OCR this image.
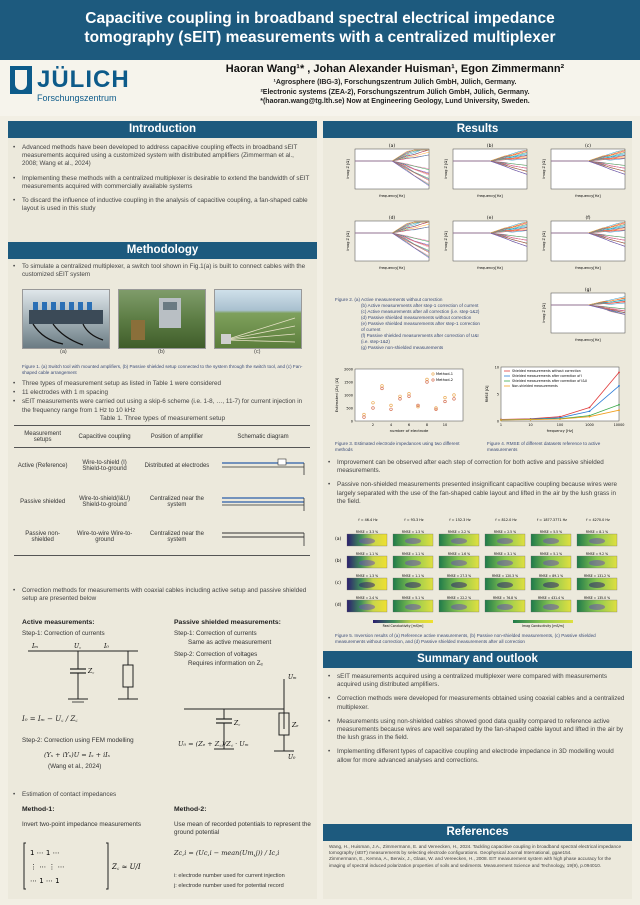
Capacitive coupling in broadband spectral electrical impedance
tomography (sEIT) measurements with a centralized multiplexer
JÜLICH
Forschungszentrum
Haoran Wang¹* , Johan Alexander Huisman¹, Egon Zimmermann²
¹Agrosphere (IBG-3), Forschungszentrum Jülich GmbH, Jülich, Germany.
²Electronic systems (ZEA-2), Forschungszentrum Jülich GmbH, Jülich, Germany.
*(haoran.wang@tg.lth.se) Now at Engineering Geology, Lund University, Sweden.
Introduction
• Advanced methods have been developed to address capacitive coupling effects in broadband sEIT measurements acquired using a customized system with distributed amplifiers (Zimmerman et al., 2008; Wang et al., 2024)
• Implementing these methods with a centralized multiplexer is desirable to extend the bandwidth of sEIT measurements acquired with commercially available systems
• To discard the influence of inductive coupling in the analysis of capacitive coupling, a fan-shaped cable layout is used in this study
Methodology
• To simulate a centralized multiplexer, a switch tool shown in Fig.1(a) is built to connect cables with the customized sEIT system
(a)	(b)	(c)
Figure 1. (a) Switch tool with mounted amplifiers, (b) Passive shielded setup connected to the system through the switch tool, and (c) Fan-shaped cable arrangement
• Three types of measurement setup as listed in Table 1 were considered
• 11 electrodes with 1 m spacing
• sEIT measurements were carried out using a skip-6 scheme (i.e. 1-8, …, 11-7) for current injection in the frequency range from 1 Hz to 10 kHz
Table 1. Three types of measurement setup
Measurement setups	Capacitive coupling	Position of amplifier	Schematic diagram
Active (Reference)	Wire-to-shield (I) Shield-to-ground	Distributed at electrodes	
Passive shielded	Wire-to-shield(I&U) Shield-to-ground	Centralized near the system	
Passive non-shielded	Wire-to-wire Wire-to-ground	Centralized near the system	
• Correction methods for measurements with coaxial cables including active setup and passive shielded setup are presented below
Active measurements:
Step-1: Correction of currents
Iₘ	U꜀	I₀
Z꜀
I₀ = Iₘ − U꜀ / Z꜀
Step-2: Correction using FEM modelling
(Yₛ + iYₛ)U = Iₛ + iIₛ
(Wang et al., 2024)
Passive shielded measurements:
Step-1: Correction of currents
Same as active measurement
Step-2: Correction of voltages
Requires information on Zₑ
Uₘ
Z꜀	Zₑ
U₀
U₀ = (Zₑ + Z꜀)/Z꜀ · Uₘ
• Estimation of contact impedances
Method-1:
Invert two-point impedance measurements
1 ⋯ 1 ⋯
⋮ ⋯ ⋮ ⋯
⋯ 1 ⋯ 1
Z꜀ ≈ U/I
Method-2:
Use mean of recorded potentials to represent the ground potential
Zc,i = (Uc,i − mean(Um,j)) / Ic,i
i: electrode number used for current injection
j: electrode number used for potential record
Results
(a)
frequency[Hz]
Imag Z [Ω]
(b)
frequency[Hz]
Imag Z [Ω]
(c)
frequency[Hz]
Imag Z [Ω]
(d)
frequency[Hz]
Imag Z [Ω]
(e)
frequency[Hz]
Imag Z [Ω]
(f)
frequency[Hz]
Imag Z [Ω]
(g)
frequency[Hz]
Imag Z [Ω]
Figure 2. (a) Active measurements without correction
(b) Active measurements after step-1 correction of current
(c) Active measurements after all correction (i.e. step-1&2)
(d) Passive shielded measurements without correction
(e) Passive shielded measurements after step-1 correction of current
(f) Passive shielded measurements after correction of U&I (i.e. step-1&2)
(g) Passive non-shielded measurements
0
500
1000
1500
2000
2	4	6	8	10
Method-1
Method-2
number of electrode
Estimated |Zc| [Ω]
Figure 3. Estimated electrode impedances using two different methods
1	10	100	1000	10000
0
5
10
Shielded measurements without correction
Shielded measurements after correction of I
Shielded measurements after correction of I&U
Non-shielded measurements
frequency [Hz]
RMSE [Ω]
Figure 4. RMSE of different datasets reference to active measurements
• Improvement can be observed after each step of correction for both active and passive shielded measurements.
• Passive non-shielded measurements presented insignificant capacitive coupling because wires were largely separated with the use of the fan-shaped cable layout and lifted in the air by the lush grass in the field.
f = 46.4 Hz	f = 93.3 Hz	f = 152.3 Hz	f = 812.0 Hz	f = 1877.3771 Hz	f = 4270.0 Hz
(a)
RMSE = 3.3 %	RMSE = 1.3 %	RMSE = 2.2 %	RMSE = 2.5 %	RMSE = 5.5 %	RMSE = 8.1 %
(b)
RMSE = 1.1 %	RMSE = 1.1 %	RMSE = 1.6 %	RMSE = 3.1 %	RMSE = 5.1 %	RMSE = 9.2 %
(c)
RMSE = 1.3 %	RMSE = 1.1 %	RMSE = 27.3 %	RMSE = 120.3 %	RMSE = 89.1 %	RMSE = 131.2 %
(d)
RMSE = 2.4 %	RMSE = 5.1 %	RMSE = 22.2 %	RMSE = 76.8 %	RMSE = 431.4 %	RMSE = 135.0 %
Real Conductivity [mS/m]	Imag Conductivity [mS/m]
Figure 5. Inversion results of (a) Reference active measurements, (b) Passive non-shielded measurements, (c) Passive shielded measurements without correction, and (d) Passive shielded measurements after all correction
Summary and outlook
• sEIT measurements acquired using a centralized multiplexer were compared with measurements acquired using distributed amplifiers.
• Correction methods were developed for measurements obtained using coaxial cables and a centralized multiplexer.
• Measurements using non-shielded cables showed good data quality compared to reference active measurements because wires are well separated by the fan-shaped cable layout and lifted in the air by the lush grass in the field.
• Implementing different types of capacitive coupling and electrode impedance in 3D modelling would allow for more advanced analyses and corrections.
References
Wang, H., Huisman, J.A., Zimmermann, E. and Vereecken, H., 2024. Tackling capacitive coupling in broadband spectral electrical impedance tomography (sEIT) measurements by selecting electrode configurations. Geophysical Journal International, ggae154.
Zimmermann, E., Kemna, A., Berwix, J., Glaas, W. and Vereecken, H., 2008. EIT measurement system with high phase accuracy for the imaging of spectral induced polarization properties of soils and sediments. Measurement Science and Technology, 19(9), p.094010.
